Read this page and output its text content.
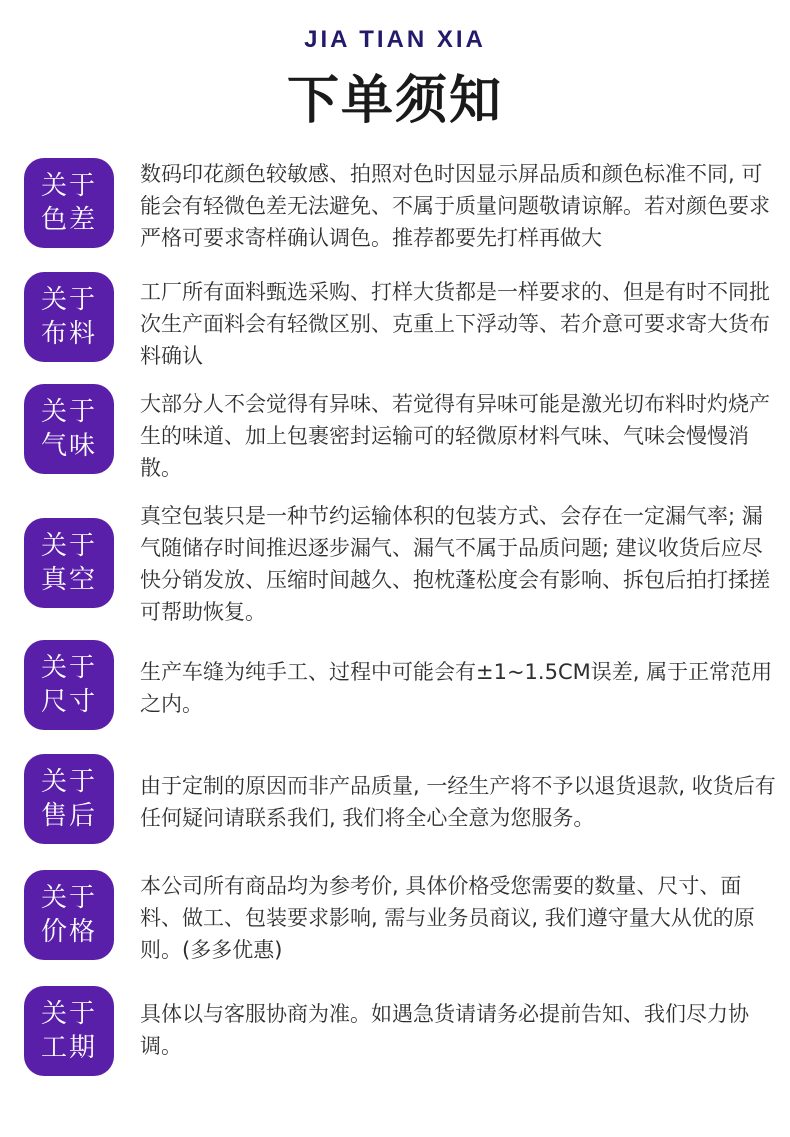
JIA TIAN XIA
下单须知
关于
色差
数码印花颜色较敏感、拍照对色时因显示屏品质和颜色标准不同, 可能会有轻微色差无法避免、不属于质量问题敬请谅解。若对颜色要求严格可要求寄样确认调色。推荐都要先打样再做大
关于
布料
工厂所有面料甄选采购、打样大货都是一样要求的、但是有时不同批次生产面料会有轻微区别、克重上下浮动等、若介意可要求寄大货布料确认
关于
气味
大部分人不会觉得有异味、若觉得有异味可能是激光切布料时灼烧产生的味道、加上包裹密封运输可的轻微原材料气味、气味会慢慢消散。
关于
真空
真空包装只是一种节约运输体积的包装方式、会存在一定漏气率; 漏气随储存时间推迟逐步漏气、漏气不属于品质问题; 建议收货后应尽快分销发放、压缩时间越久、抱枕蓬松度会有影响、拆包后拍打揉搓可帮助恢复。
关于
尺寸
生产车缝为纯手工、过程中可能会有±1~1.5CM误差, 属于正常范用之内。
关于
售后
由于定制的原因而非产品质量, 一经生产将不予以退货退款, 收货后有任何疑问请联系我们, 我们将全心全意为您服务。
关于
价格
本公司所有商品均为参考价, 具体价格受您需要的数量、尺寸、面料、做工、包装要求影响, 需与业务员商议, 我们遵守量大从优的原则。(多多优惠)
关于
工期
具体以与客服协商为准。如遇急货请请务必提前告知、我们尽力协调。
